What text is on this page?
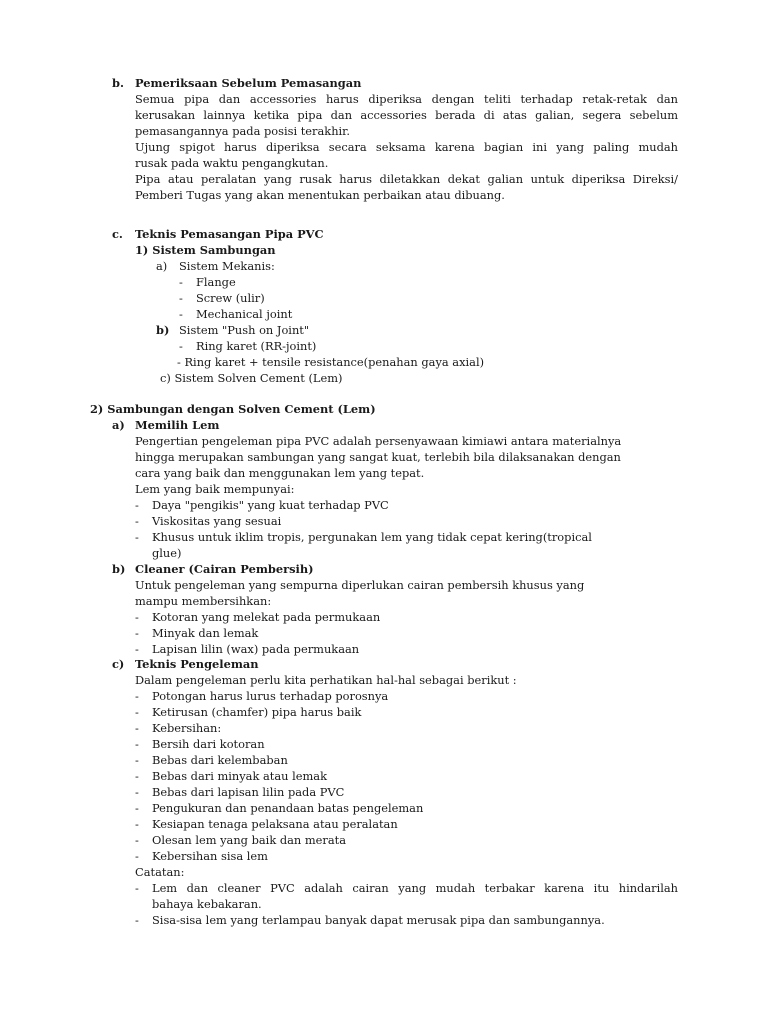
b. Pemeriksaan Sebelum Pemasangan
Semua pipa dan accessories harus diperiksa dengan teliti terhadap retak-retak dan
kerusakan lainnya ketika pipa dan accessories berada di atas galian, segera sebelum
pemasangannya pada posisi terakhir.
Ujung spigot harus diperiksa secara seksama karena bagian ini yang paling mudah
rusak pada waktu pengangkutan.
Pipa atau peralatan yang rusak harus diletakkan dekat galian untuk diperiksa Direksi/
Pemberi Tugas yang akan menentukan perbaikan atau dibuang.
c. Teknis Pemasangan Pipa PVC
1) Sistem Sambungan
a) Sistem Mekanis:
- Flange
- Screw (ulir)
- Mechanical joint
b) Sistem "Push on Joint"
- Ring karet (RR-joint)
- Ring karet + tensile resistance(penahan gaya axial)
c) Sistem Solven Cement (Lem)
2) Sambungan dengan Solven Cement (Lem)
a) Memilih Lem
Pengertian pengeleman pipa PVC adalah persenyawaan kimiawi antara materialnya
hingga merupakan sambungan yang sangat kuat, terlebih bila dilaksanakan dengan
cara yang baik dan menggunakan lem yang tepat.
Lem yang baik mempunyai:
- Daya "pengikis" yang kuat terhadap PVC
- Viskositas yang sesuai
- Khusus untuk iklim tropis, pergunakan lem yang tidak cepat kering(tropical
glue)
b) Cleaner (Cairan Pembersih)
Untuk pengeleman yang sempurna diperlukan cairan pembersih khusus yang
mampu membersihkan:
- Kotoran yang melekat pada permukaan
- Minyak dan lemak
- Lapisan lilin (wax) pada permukaan
c) Teknis Pengeleman
Dalam pengeleman perlu kita perhatikan hal-hal sebagai berikut :
- Potongan harus lurus terhadap porosnya
- Ketirusan (chamfer) pipa harus baik
- Kebersihan:
- Bersih dari kotoran
- Bebas dari kelembaban
- Bebas dari minyak atau lemak
- Bebas dari lapisan lilin pada PVC
- Pengukuran dan penandaan batas pengeleman
- Kesiapan tenaga pelaksana atau peralatan
- Olesan lem yang baik dan merata
- Kebersihan sisa lem
Catatan:
- Lem dan cleaner PVC adalah cairan yang mudah terbakar karena itu hindarilah
bahaya kebakaran.
- Sisa-sisa lem yang terlampau banyak dapat merusak pipa dan sambungannya.
